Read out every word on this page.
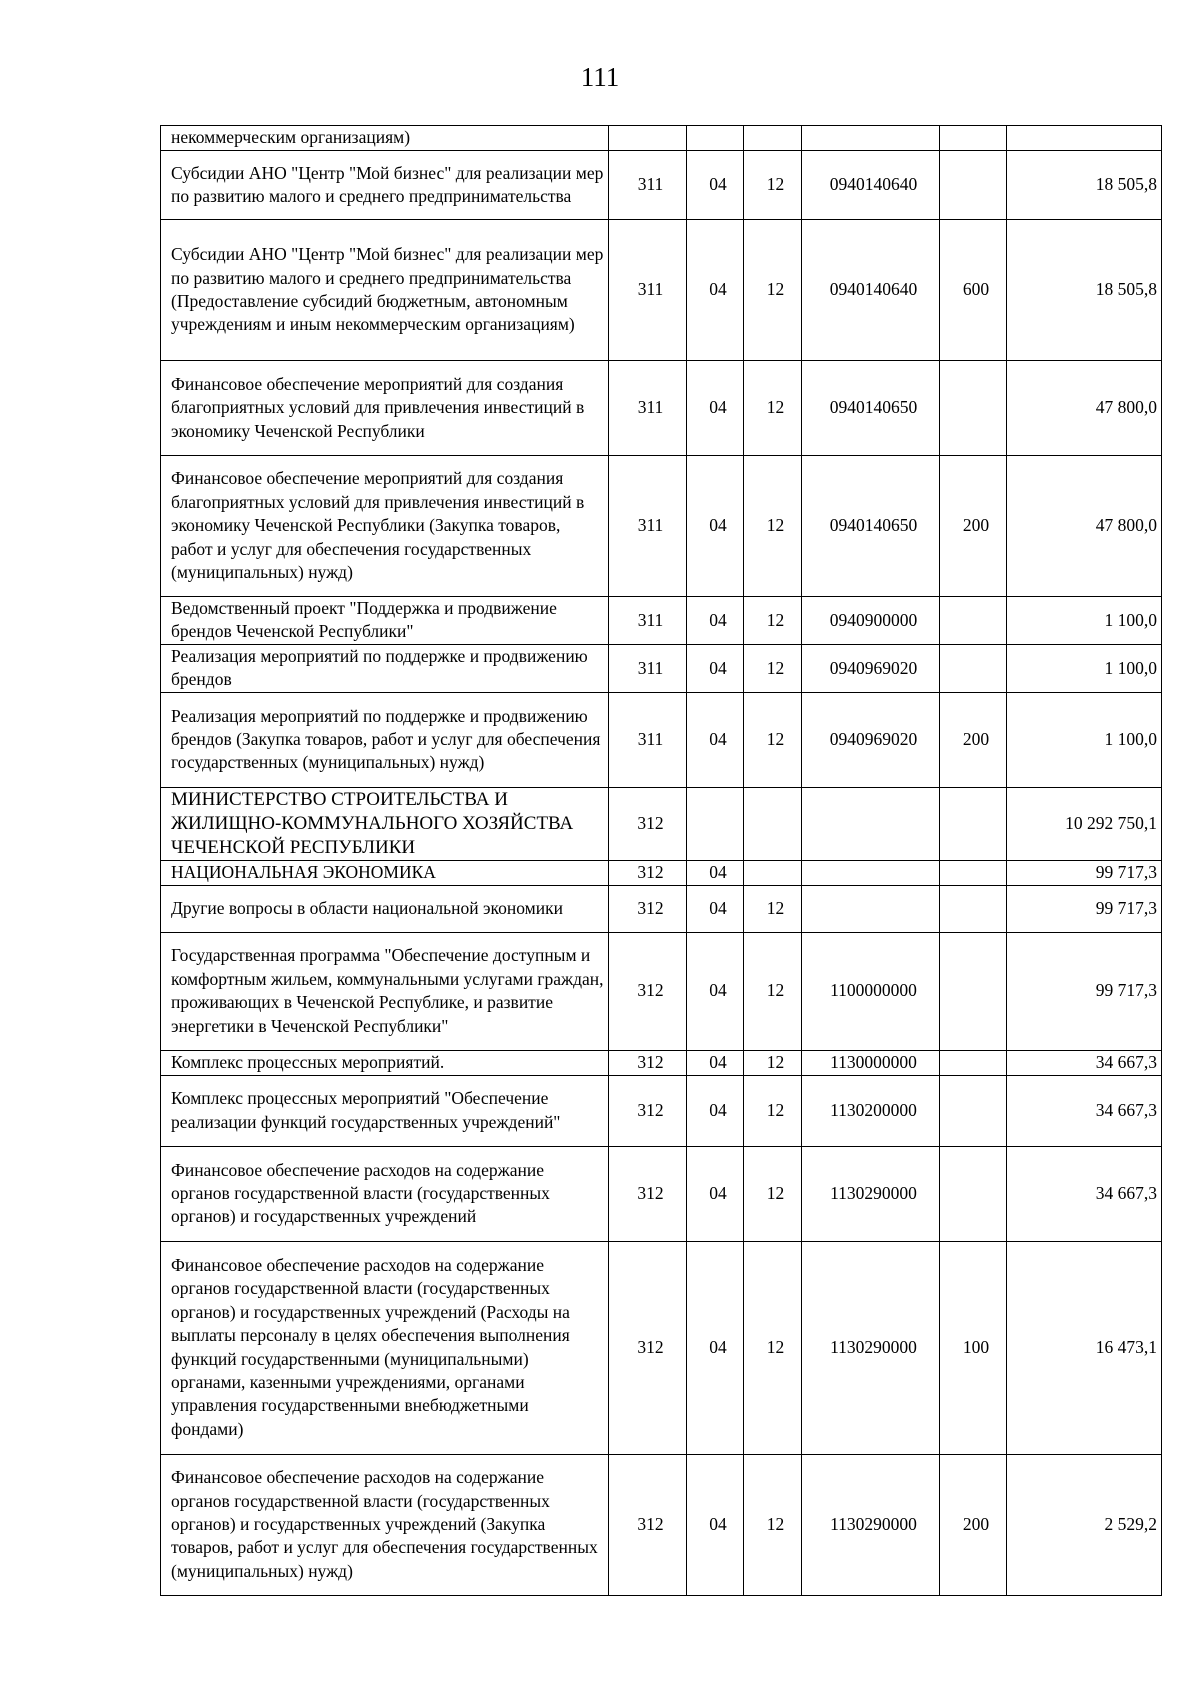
111
некоммерческим организациям)						
Субсидии АНО "Центр "Мой бизнес" для реализации мер по развитию малого и среднего предпринимательства	311	04	12	0940140640		18 505,8
Субсидии АНО "Центр "Мой бизнес" для реализации мер по развитию малого и среднего предпринимательства (Предоставление субсидий бюджетным, автономным учреждениям и иным некоммерческим организациям)	311	04	12	0940140640	600	18 505,8
Финансовое обеспечение мероприятий для создания благоприятных условий для привлечения инвестиций в экономику Чеченской Республики	311	04	12	0940140650		47 800,0
Финансовое обеспечение мероприятий для создания благоприятных условий для привлечения инвестиций в экономику Чеченской Республики (Закупка товаров, работ и услуг для обеспечения государственных (муниципальных) нужд)	311	04	12	0940140650	200	47 800,0
Ведомственный проект "Поддержка и продвижение брендов Чеченской Республики"	311	04	12	0940900000		1 100,0
Реализация мероприятий по поддержке и продвижению брендов	311	04	12	0940969020		1 100,0
Реализация мероприятий по поддержке и продвижению брендов (Закупка товаров, работ и услуг для обеспечения государственных (муниципальных) нужд)	311	04	12	0940969020	200	1 100,0
МИНИСТЕРСТВО СТРОИТЕЛЬСТВА И ЖИЛИЩНО-КОММУНАЛЬНОГО ХОЗЯЙСТВА ЧЕЧЕНСКОЙ РЕСПУБЛИКИ	312					10 292 750,1
НАЦИОНАЛЬНАЯ ЭКОНОМИКА	312	04				99 717,3
Другие вопросы в области национальной экономики	312	04	12			99 717,3
Государственная программа "Обеспечение доступным и комфортным жильем, коммунальными услугами граждан, проживающих в Чеченской Республике, и развитие энергетики в Чеченской Республики"	312	04	12	1100000000		99 717,3
Комплекс процессных мероприятий.	312	04	12	1130000000		34 667,3
Комплекс процессных мероприятий "Обеспечение реализации функций государственных учреждений"	312	04	12	1130200000		34 667,3
Финансовое обеспечение расходов на содержание органов государственной власти (государственных органов) и государственных учреждений	312	04	12	1130290000		34 667,3
Финансовое обеспечение расходов на содержание органов государственной власти (государственных органов) и государственных учреждений (Расходы на выплаты персоналу в целях обеспечения выполнения функций государственными (муниципальными) органами, казенными учреждениями, органами управления государственными внебюджетными фондами)	312	04	12	1130290000	100	16 473,1
Финансовое обеспечение расходов на содержание органов государственной власти (государственных органов) и государственных учреждений (Закупка товаров, работ и услуг для обеспечения государственных (муниципальных) нужд)	312	04	12	1130290000	200	2 529,2
